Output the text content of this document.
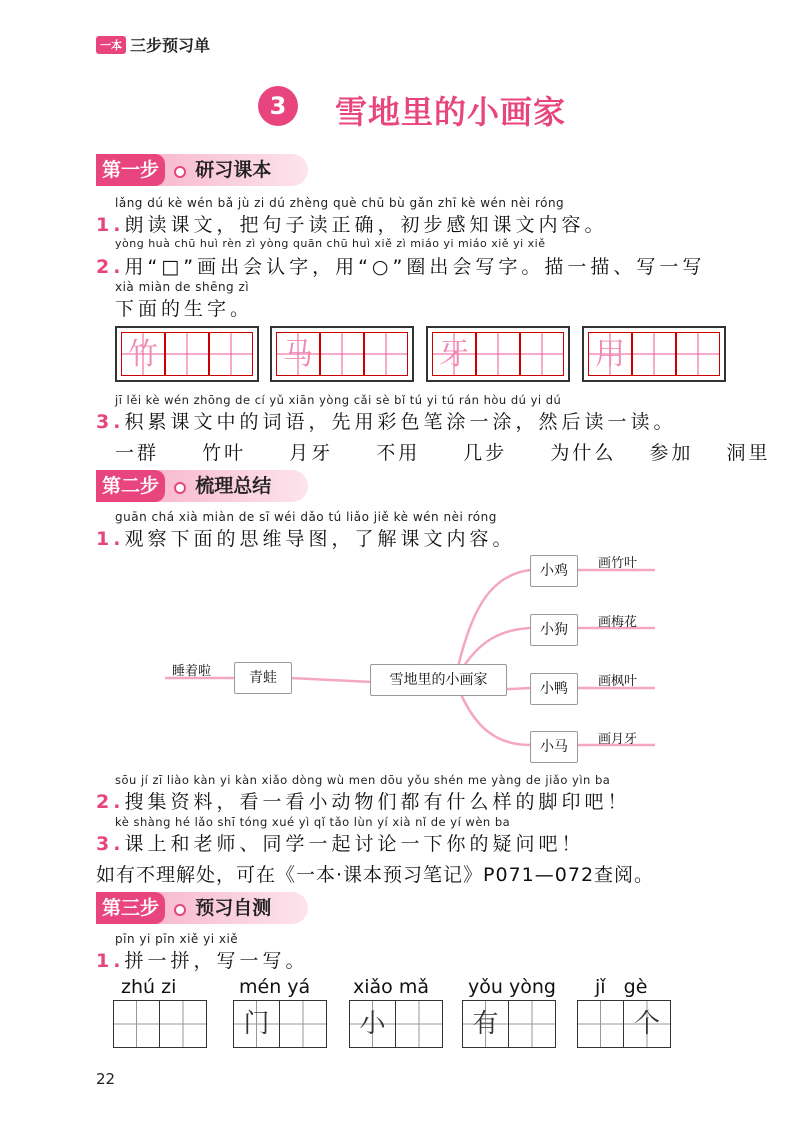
一本 三步预习单
3	雪地里的小画家
第一步 研习课本
lǎng dú kè wén bǎ jù zi dú zhèng què chū bù gǎn zhī kè wén nèi róng
1.朗读课文，把句子读正确，初步感知课文内容。
yòng huà chū huì rèn zì yòng quān chū huì xiě zì miáo yi miáo xiě yi xiě
2.用“□”画出会认字，用“○”圈出会写字。描一描、写一写
xià miàn de shēng zì
下面的生字。
竹	马	牙	用
jī lěi kè wén zhōng de cí yǔ xiān yòng cǎi sè bǐ tú yi tú rán hòu dú yi dú
3.积累课文中的词语，先用彩色笔涂一涂，然后读一读。
一群 竹叶 月牙 不用 几步 为什么 参加 洞里
第二步 梳理总结
guān chá xià miàn de sī wéi dǎo tú liǎo jiě kè wén nèi róng
1.观察下面的思维导图，了解课文内容。
睡着啦	青蛙	雪地里的小画家
小鸡	画竹叶
小狗	画梅花
小鸭	画枫叶
小马	画月牙
sōu jí zī liào kàn yi kàn xiǎo dòng wù men dōu yǒu shén me yàng de jiǎo yìn ba
2.搜集资料，看一看小动物们都有什么样的脚印吧！
kè shàng hé lǎo shī tóng xué yì qǐ tǎo lùn yí xià nǐ de yí wèn ba
3.课上和老师、同学一起讨论一下你的疑问吧！
如有不理解处，可在《一本·课本预习笔记》P071—072查阅。
第三步 预习自测
pīn yi pīn xiě yi xiě
1.拼一拼，写一写。
zhú zi	mén yá
门
xiǎo mǎ
小
yǒu yòng
有
jǐ   gè
个
22
